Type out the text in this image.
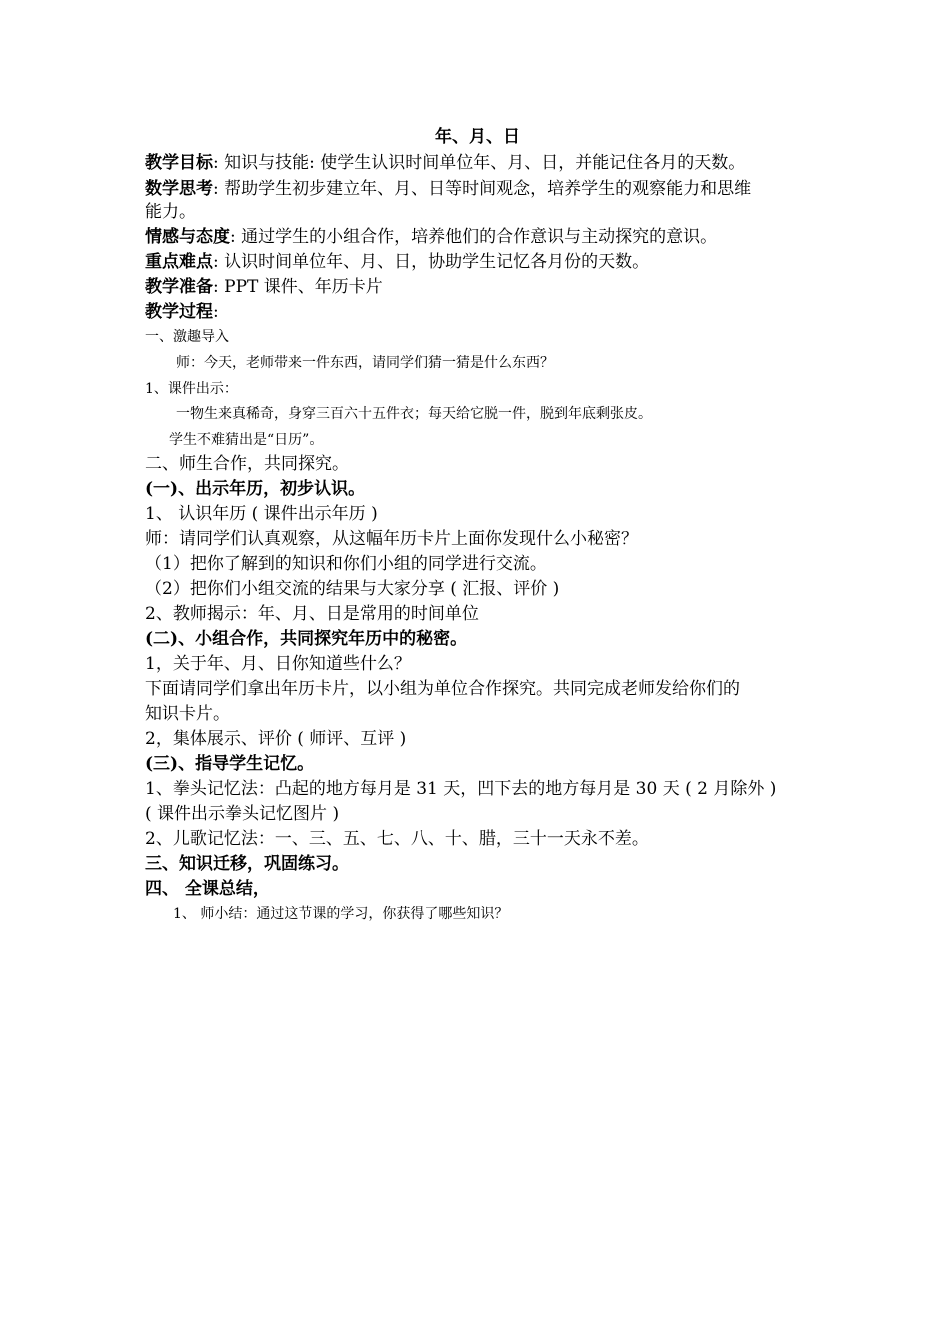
年、月、日
教学目标: 知识与技能: 使学生认识时间单位年、月、日，并能记住各月的天数。
数学思考: 帮助学生初步建立年、月、日等时间观念，培养学生的观察能力和思维
能力。
情感与态度: 通过学生的小组合作，培养他们的合作意识与主动探究的意识。
重点难点: 认识时间单位年、月、日，协助学生记忆各月份的天数。
教学准备: PPT 课件、年历卡片
教学过程:
一、激趣导入
师：今天，老师带来一件东西，请同学们猜一猜是什么东西？
1、课件出示：
一物生来真稀奇，身穿三百六十五件衣；每天给它脱一件，脱到年底剩张皮。
学生不难猜出是“日历”。
二、师生合作，共同探究。
(一)、出示年历，初步认识。
1、 认识年历 ( 课件出示年历 )
师：请同学们认真观察，从这幅年历卡片上面你发现什么小秘密？
（1）把你了解到的知识和你们小组的同学进行交流。
（2）把你们小组交流的结果与大家分享 ( 汇报、评价 )
2、教师揭示：年、月、日是常用的时间单位
(二)、小组合作，共同探究年历中的秘密。
1，关于年、月、日你知道些什么？
下面请同学们拿出年历卡片，以小组为单位合作探究。共同完成老师发给你们的
知识卡片。
2，集体展示、评价 ( 师评、互评 )
(三)、指导学生记忆。
1、拳头记忆法：凸起的地方每月是 31 天，凹下去的地方每月是 30 天 ( 2 月除外 )
( 课件出示拳头记忆图片 )
2、儿歌记忆法：一、三、五、七、八、十、腊，三十一天永不差。
三、知识迁移，巩固练习。
四、 全课总结，
1、 师小结：通过这节课的学习，你获得了哪些知识？
